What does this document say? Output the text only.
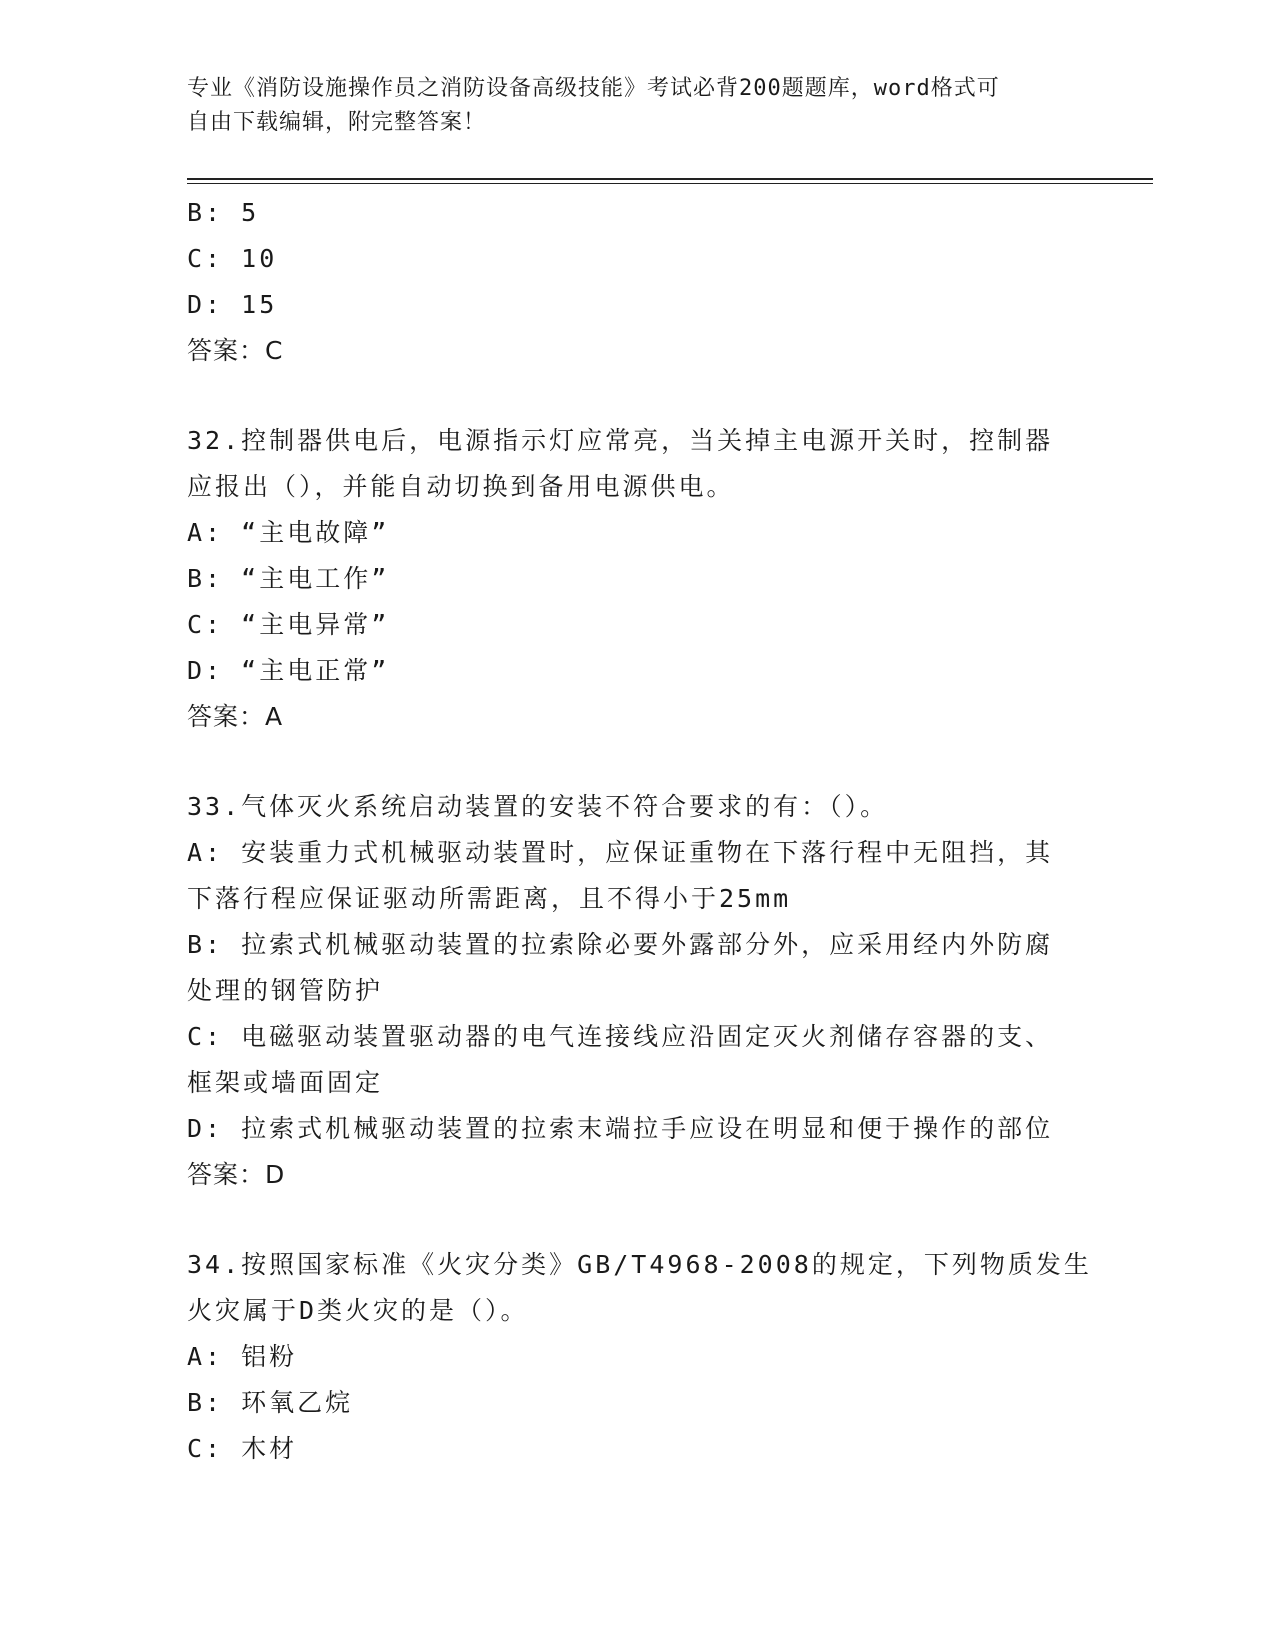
专业《消防设施操作员之消防设备高级技能》考试必背200题题库，word格式可
自由下载编辑，附完整答案！
B: 5
C: 10
D: 15
答案：C
32.控制器供电后，电源指示灯应常亮，当关掉主电源开关时，控制器
应报出（），并能自动切换到备用电源供电。
A: “主电故障”
B: “主电工作”
C: “主电异常”
D: “主电正常”
答案：A
33.气体灭火系统启动装置的安装不符合要求的有：（）。
A: 安装重力式机械驱动装置时，应保证重物在下落行程中无阻挡，其
下落行程应保证驱动所需距离，且不得小于25mm
B: 拉索式机械驱动装置的拉索除必要外露部分外，应采用经内外防腐
处理的钢管防护
C: 电磁驱动装置驱动器的电气连接线应沿固定灭火剂储存容器的支、
框架或墙面固定
D: 拉索式机械驱动装置的拉索末端拉手应设在明显和便于操作的部位
答案：D
34.按照国家标准《火灾分类》GB/T4968-2008的规定，下列物质发生
火灾属于D类火灾的是（）。
A: 铝粉
B: 环氧乙烷
C: 木材
